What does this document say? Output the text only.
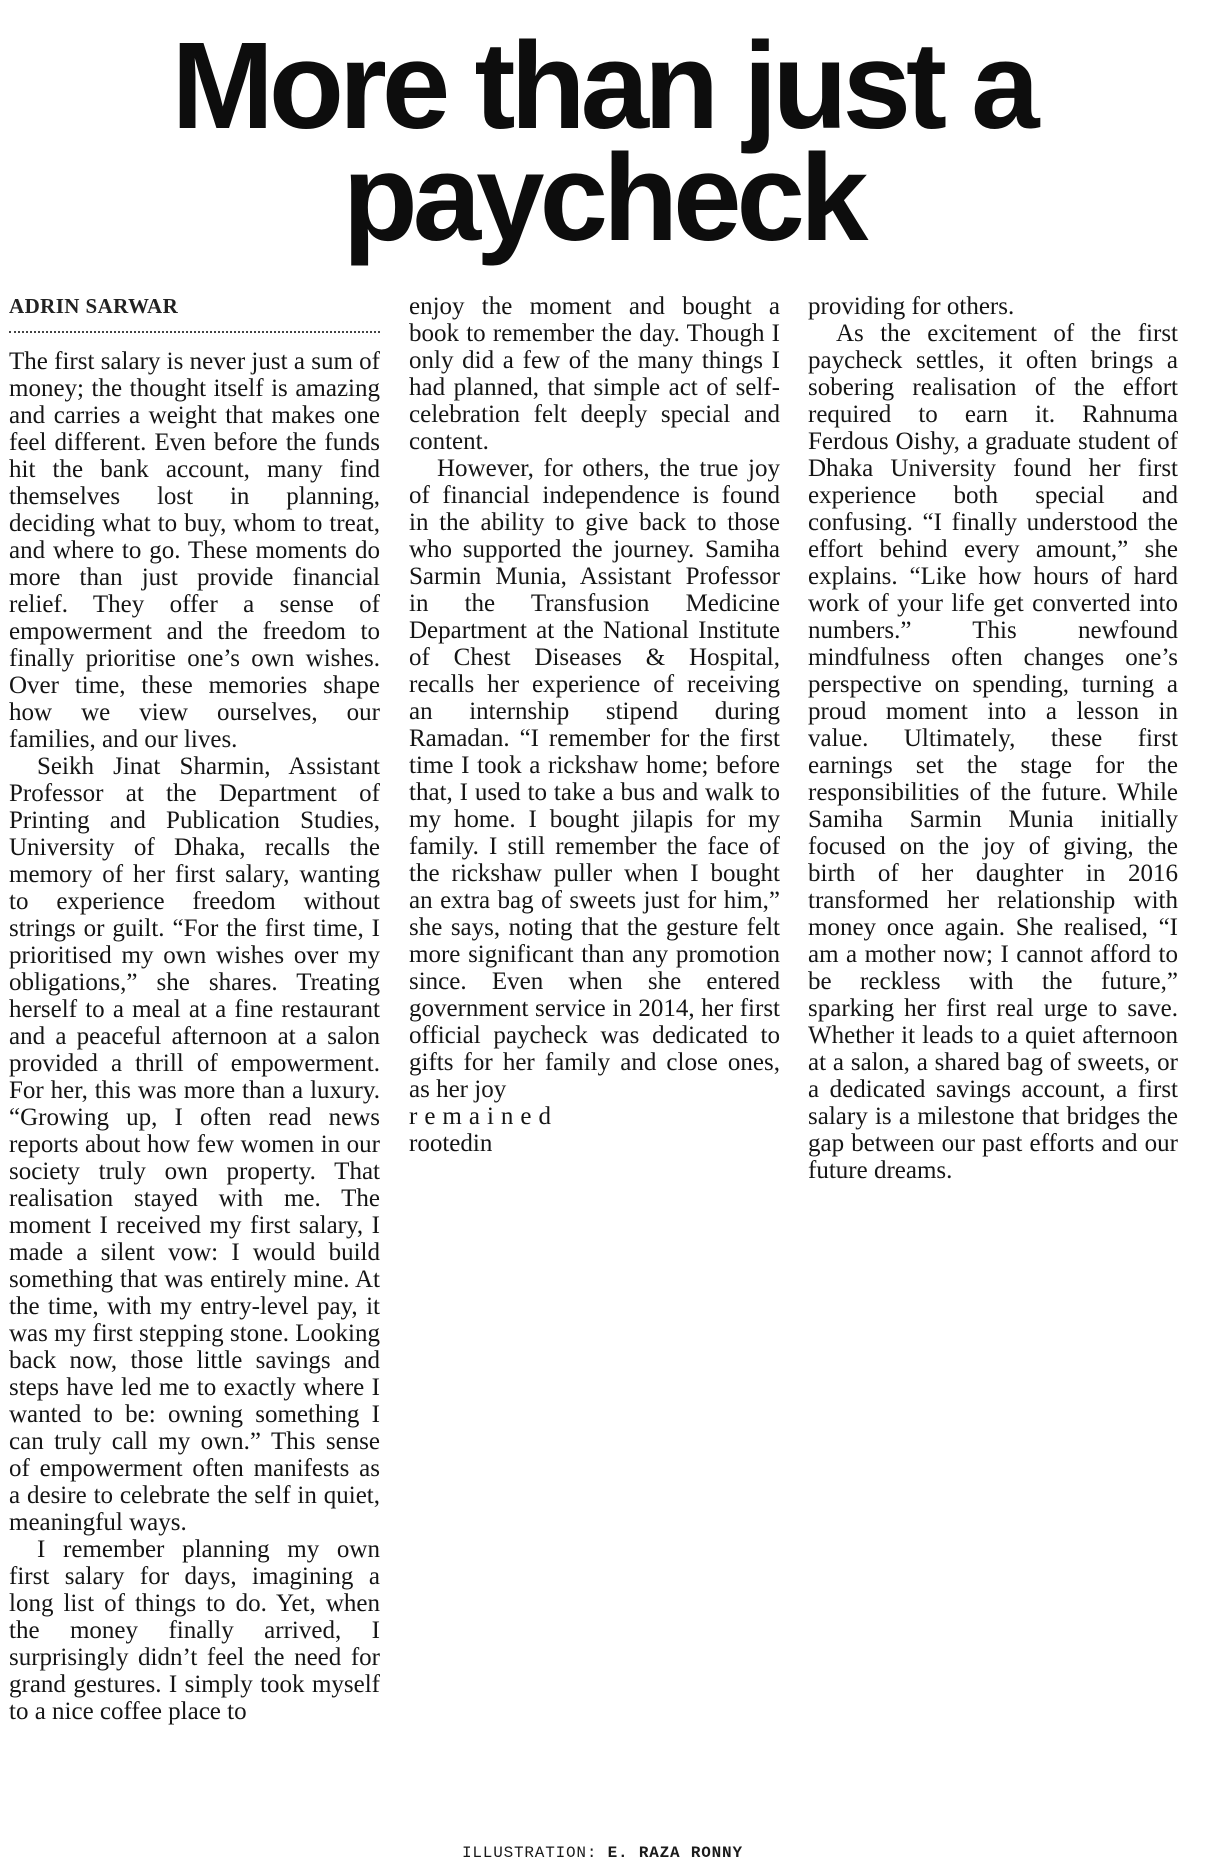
More than just a
paycheck
ADRIN SARWAR

The first salary is never just a sum of money; the thought itself is amazing and carries a weight that makes one feel different. Even before the funds hit the bank account, many find themselves lost in planning, deciding what to buy, whom to treat, and where to go. These moments do more than just provide financial relief. They offer a sense of empowerment and the freedom to finally prioritise one’s own wishes. Over time, these memories shape how we view ourselves, our families, and our lives.

Seikh Jinat Sharmin, Assistant Professor at the Department of Printing and Publication Studies, University of Dhaka, recalls the memory of her first salary, wanting to experience freedom without strings or guilt. “For the first time, I prioritised my own wishes over my obligations,” she shares. Treating herself to a meal at a fine restaurant and a peaceful afternoon at a salon provided a thrill of empowerment. For her, this was more than a luxury. “Growing up, I often read news reports about how few women in our society truly own property. That realisation stayed with me. The moment I received my first salary, I made a silent vow: I would build something that was entirely mine. At the time, with my entry-level pay, it was my first stepping stone. Looking back now, those little savings and steps have led me to exactly where I wanted to be: owning something I can truly call my own.” This sense of empowerment often manifests as a desire to celebrate the self in quiet, meaningful ways.

I remember planning my own first salary for days, imagining a long list of things to do. Yet, when the money finally arrived, I surprisingly didn’t feel the need for grand gestures. I simply took myself to a nice coffee place to

enjoy the moment and bought a book to remember the day. Though I only did a few of the many things I had planned, that simple act of self-celebration felt deeply special and content.

However, for others, the true joy of financial independence is found in the ability to give back to those who supported the journey. Samiha Sarmin Munia, Assistant Professor in the Transfusion Medicine Department at the National Institute of Chest Diseases & Hospital, recalls her experience of receiving an internship stipend during Ramadan. “I remember for the first time I took a rickshaw home; before that, I used to take a bus and walk to my home. I bought jilapis for my family. I still remember the face of the rickshaw puller when I bought an extra bag of sweets just for him,” she says, noting that the gesture felt more significant than any promotion since. Even when she entered government service in 2014, her first official paycheck was dedicated to gifts for her family and close ones, as her joy

remained
rootedin

providing for others.

As the excitement of the first paycheck settles, it often brings a sobering realisation of the effort required to earn it. Rahnuma Ferdous Oishy, a graduate student of Dhaka University found her first experience both special and confusing. “I finally understood the effort behind every amount,” she explains. “Like how hours of hard work of your life get converted into numbers.” This newfound mindfulness often changes one’s perspective on spending, turning a proud moment into a lesson in value. Ultimately, these first earnings set the stage for the responsibilities of the future. While Samiha Sarmin Munia initially focused on the joy of giving, the birth of her daughter in 2016 transformed her relationship with money once again. She realised, “I am a mother now; I cannot afford to be reckless with the future,” sparking her first real urge to save. Whether it leads to a quiet afternoon at a salon, a shared bag of sweets, or a dedicated savings account, a first salary is a milestone that bridges the gap between our past efforts and our future dreams.

ILLUSTRATION: E. RAZA RONNY
